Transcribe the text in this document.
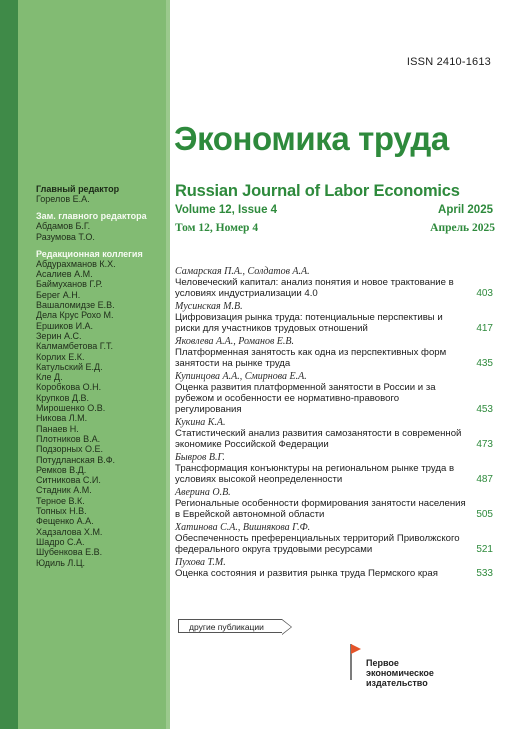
ISSN 2410-1613
Экономика труда
Russian Journal of Labor Economics
Volume 12, Issue 4	April 2025
Том 12, Номер 4	Апрель 2025
Главный редактор
Горелов Е.А.
Зам. главного редактора
Абдамов Б.Г.
Разумова Т.О.
Редакционная коллегия
Абдурахманов К.Х.
Асалиев А.М.
Баймуханов Г.Р.
Берег А.Н.
Вашаломидзе Е.В.
Дела Крус Рохо М.
Ершиков И.А.
Зерин А.С.
Калмамбетова Г.Т.
Корлих Е.К.
Катульский Е.Д.
Кле Д.
Коробкова О.Н.
Крупков Д.В.
Мирошенко О.В.
Никова Л.М.
Панаев Н.
Плотников В.А.
Подзорных О.Е.
Потудланская В.Ф.
Ремков В.Д.
Ситникова С.И.
Стадник А.М.
Терное В.К.
Топных Н.В.
Фещенко А.А.
Хадзалова Х.М.
Шадро С.А.
Шубенкова Е.В.
Юдиль Л.Ц.
Самарская П.А., Солдатов А.А.
Человеческий капитал: анализ понятия и новое трактование в условиях индустриализации 4.0	403
Мусинская М.В.
Цифровизация рынка труда: потенциальные перспективы и риски для участников трудовых отношений	417
Яковлева А.А., Романов Е.В.
Платформенная занятость как одна из перспективных форм занятости на рынке труда	435
Купинцова А.А., Смирнова Е.А.
Оценка развития платформенной занятости в России и за рубежом и особенности ее нормативно-правового регулирования	453
Кукина К.А.
Статистический анализ развития самозанятости в современной экономике Российской Федерации	473
Бывров В.Г.
Трансформация конъюнктуры на региональном рынке труда в условиях высокой неопределенности	487
Аверина О.В.
Региональные особенности формирования занятости населения в Еврейской автономной области	505
Хатинова С.А., Вишнякова Г.Ф.
Обеспеченность преференциальных территорий Приволжского федерального округа трудовыми ресурсами	521
Пухова Т.М.
Оценка состояния и развития рынка труда Пермского края	533
другие публикации
Первое
экономическое
издательство
